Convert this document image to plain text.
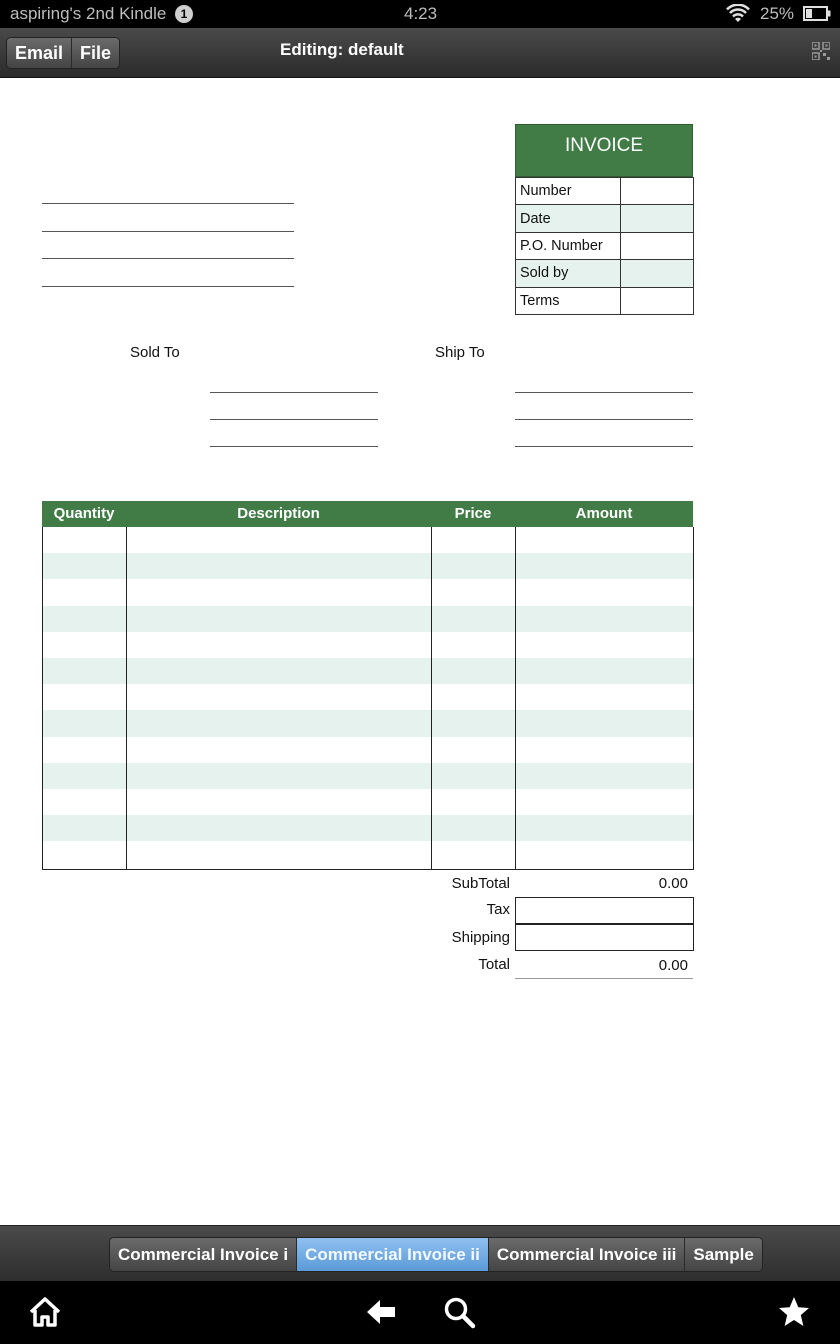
aspiring's 2nd Kindle	1	4:23	25%
Email File	Editing: default
INVOICE
Number	
Date	
P.O. Number	
Sold by	
Terms	
Sold To	Ship To
Quantity	Description	Price	Amount
SubTotal	0.00
Tax
Shipping
Total	0.00
Commercial Invoice i	Commercial Invoice ii	Commercial Invoice iii	Sample
